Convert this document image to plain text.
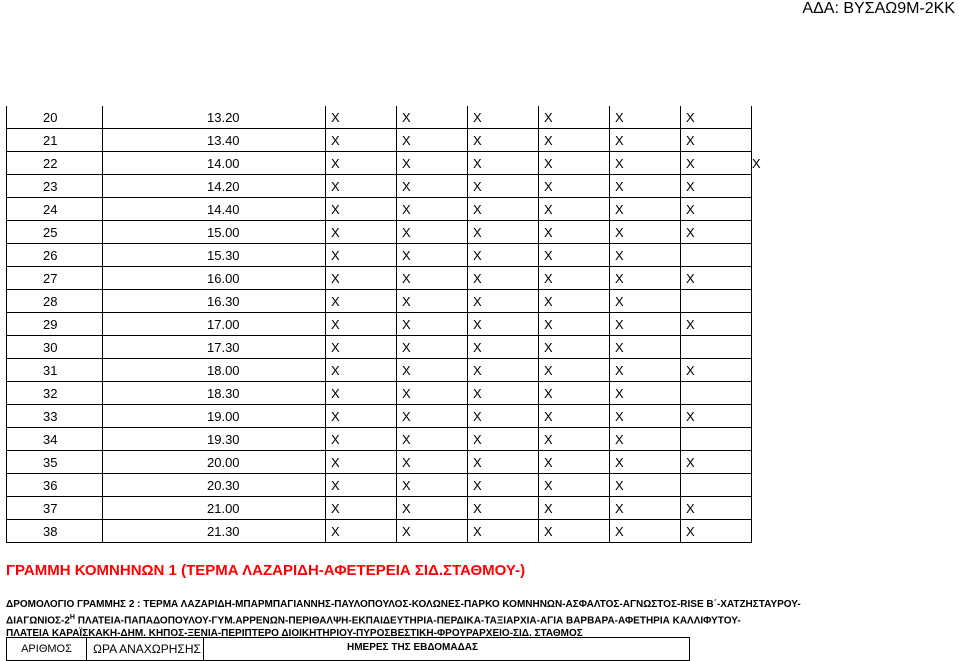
ΑΔΑ: ΒΥΣΑΩ9Μ-2ΚΚ
20	13.20	X	X	X	X	X	X		
21	13.40	X	X	X	X	X	X		
22	14.00	X	X	X	X	X	X	X	
23	14.20	X	X	X	X	X	X		
24	14.40	X	X	X	X	X	X		
25	15.00	X	X	X	X	X	X		
26	15.30	X	X	X	X	X			
27	16.00	X	X	X	X	X	X		
28	16.30	X	X	X	X	X			
29	17.00	X	X	X	X	X	X		
30	17.30	X	X	X	X	X			
31	18.00	X	X	X	X	X	X		
32	18.30	X	X	X	X	X			
33	19.00	X	X	X	X	X	X		
34	19.30	X	X	X	X	X			
35	20.00	X	X	X	X	X	X		
36	20.30	X	X	X	X	X			
37	21.00	X	X	X	X	X	X		
38	21.30	X	X	X	X	X	X		
ΓΡΑΜΜΗ ΚΟΜΝΗΝΩΝ 1 (ΤΕΡΜΑ ΛΑΖΑΡΙΔΗ-ΑΦΕΤΕΡΕΙΑ ΣΙΔ.ΣΤΑΘΜΟΥ-)
ΔΡΟΜΟΛΟΓΙΟ ΓΡΑΜΜΗΣ 2 : ΤΕΡΜΑ ΛΑΖΑΡΙΔΗ-ΜΠΑΡΜΠΑΓΙΑΝΝΗΣ-ΠΑΥΛΟΠΟΥΛΟΣ-ΚΟΛΩΝΕΣ-ΠΑΡΚΟ ΚΟΜΝΗΝΩΝ-ΑΣΦΑΛΤΟΣ-ΑΓΝΩΣΤΟΣ-RISE Β΄-ΧΑΤΖΗΣΤΑΥΡΟΥ-
ΔΙΑΓΩΝΙΟΣ-$2^H$ ΠΛΑΤΕΙΑ-ΠΑΠΑΔΟΠΟΥΛΟΥ-ΓΥΜ.ΑΡΡΕΝΩΝ-ΠΕΡΙΘΑΛΨΗ-ΕΚΠΑΙΔΕΥΤΗΡΙΑ-ΠΕΡΔΙΚΑ-ΤΑΞΙΑΡΧΙΑ-ΑΓΙΑ ΒΑΡΒΑΡΑ-ΑΦΕΤΗΡΙΑ ΚΑΛΛΙΦΥΤΟΥ-
ΠΛΑΤΕΙΑ ΚΑΡΑΪΣΚΑΚΗ-ΔΗΜ. ΚΗΠΟΣ-ΞΕΝΙΑ-ΠΕΡΙΠΤΕΡΟ ΔΙΟΙΚΗΤΗΡΙΟΥ-ΠΥΡΟΣΒΕΣΤΙΚΗ-ΦΡΟΥΡΑΡΧΕΙΟ-ΣΙΔ. ΣΤΑΘΜΟΣ
ΑΡΙΘΜΟΣ	ΩΡΑ ΑΝΑΧΩΡΗΣΗΣ	ΗΜΕΡΕΣ ΤΗΣ ΕΒΔΟΜΑΔΑΣ
